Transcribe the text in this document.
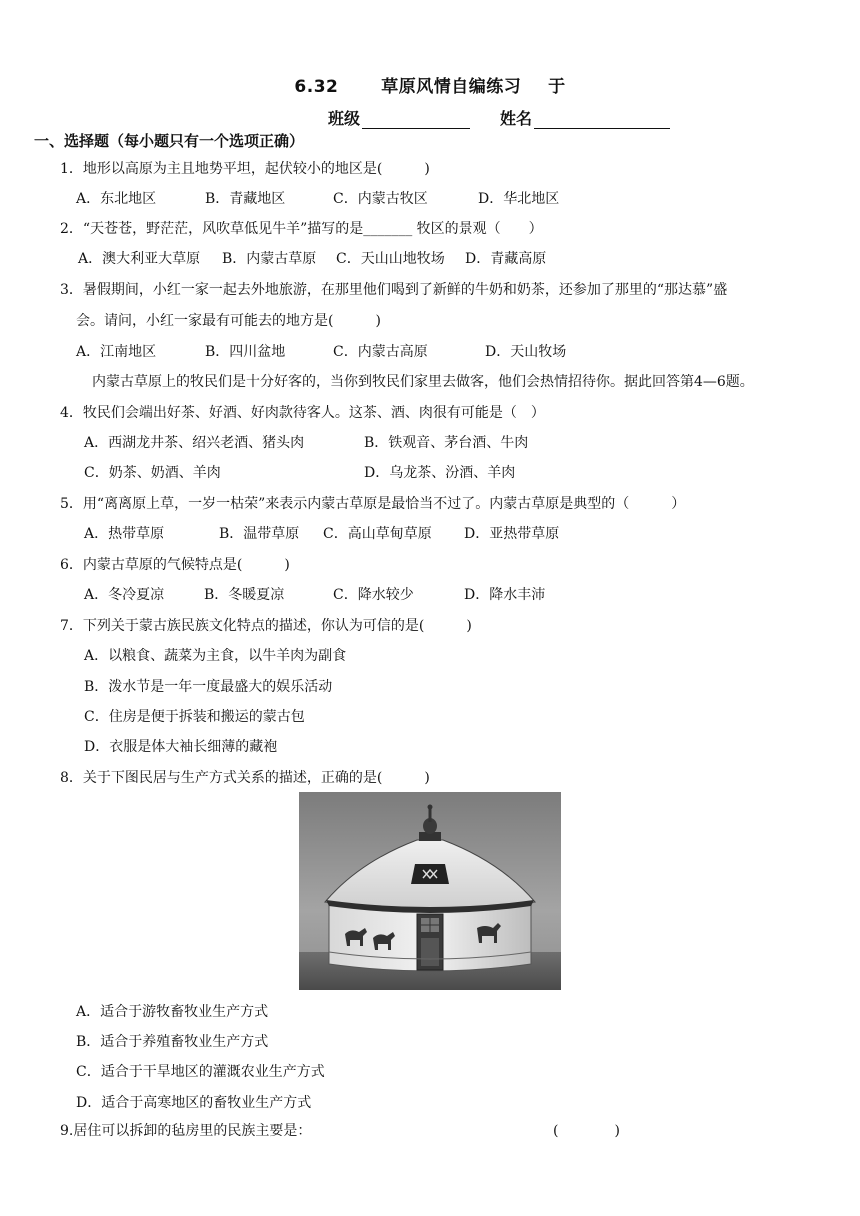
6.32	草原风情自编练习 于
班级	姓名
一、选择题（每小题只有一个选项正确）
1．地形以高原为主且地势平坦，起伏较小的地区是(　　　)
A．东北地区	B．青藏地区	C．内蒙古牧区	D．华北地区
2．“天苍苍，野茫茫，风吹草低见牛羊”描写的是_______ 牧区的景观（　　）
A．澳大利亚大草原 B．内蒙古草原 C．天山山地牧场 D．青藏高原
3．暑假期间，小红一家一起去外地旅游，在那里他们喝到了新鲜的牛奶和奶茶，还参加了那里的“那达慕”盛
会。请问，小红一家最有可能去的地方是(　　　)
A．江南地区	B．四川盆地	C．内蒙古高原	D．天山牧场
内蒙古草原上的牧民们是十分好客的，当你到牧民们家里去做客，他们会热情招待你。据此回答第4—6题。
4．牧民们会端出好茶、好酒、好肉款待客人。这茶、酒、肉很有可能是（　）
A．西湖龙井茶、绍兴老酒、猪头肉	B．铁观音、茅台酒、牛肉
C．奶茶、奶酒、羊肉	D．乌龙茶、汾酒、羊肉
5．用“离离原上草，一岁一枯荣”来表示内蒙古草原是最恰当不过了。内蒙古草原是典型的（　　　）
A．热带草原	B．温带草原 C．高山草甸草原 D．亚热带草原
6．内蒙古草原的气候特点是(　　　)
A．冬冷夏凉	B．冬暖夏凉	C．降水较少	D．降水丰沛
7．下列关于蒙古族民族文化特点的描述，你认为可信的是(　　　)
A．以粮食、蔬菜为主食，以牛羊肉为副食
B．泼水节是一年一度最盛大的娱乐活动
C．住房是便于拆装和搬运的蒙古包
D．衣服是体大袖长细薄的藏袍
8．关于下图民居与生产方式关系的描述，正确的是(　　　)
A．适合于游牧畜牧业生产方式
B．适合于养殖畜牧业生产方式
C．适合于干旱地区的灌溉农业生产方式
D．适合于高寒地区的畜牧业生产方式
9.居住可以拆卸的毡房里的民族主要是：	(　　　　)
